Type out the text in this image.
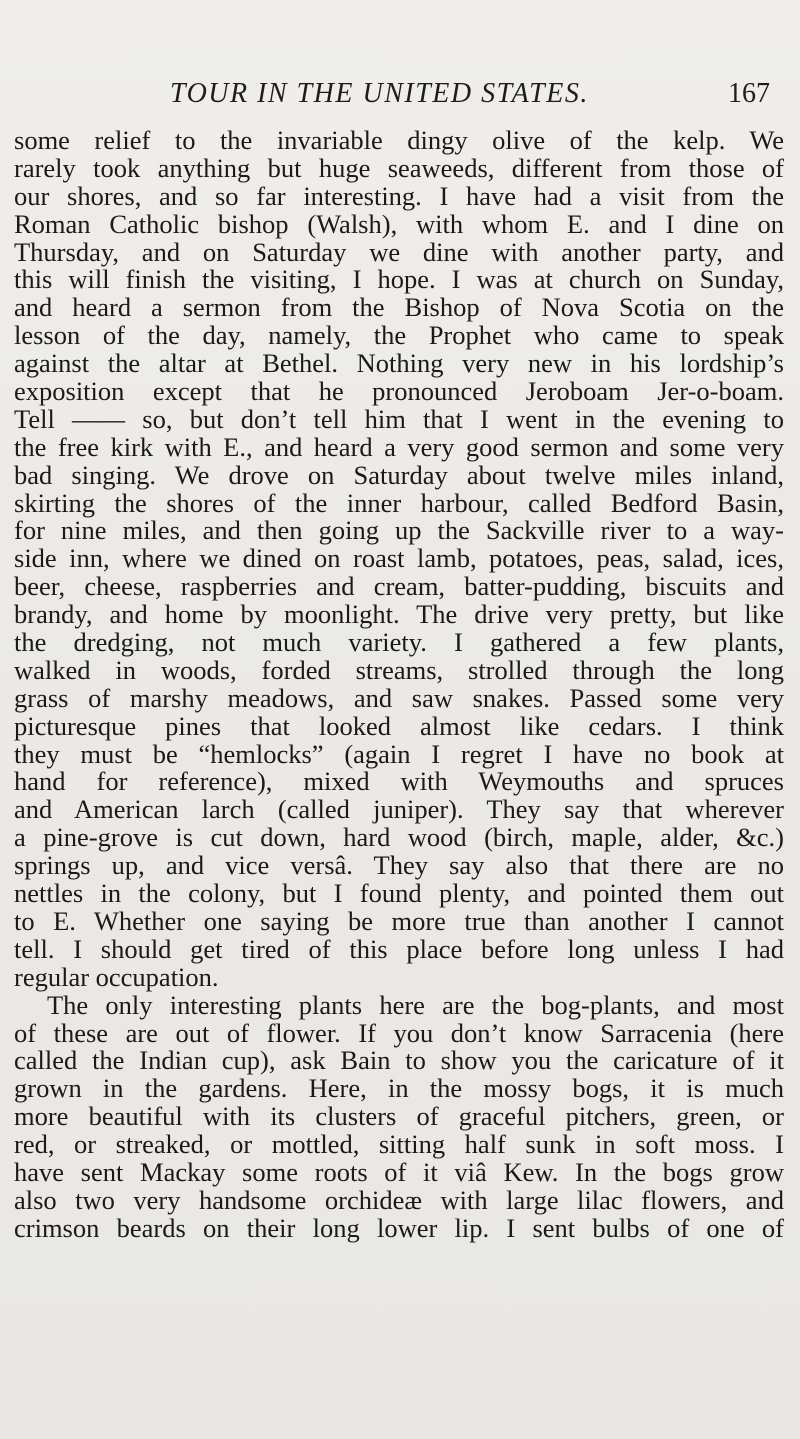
TOUR IN THE UNITED STATES.	167
some relief to the invariable dingy olive of the kelp. We
rarely took anything but huge seaweeds, different from those of
our shores, and so far interesting. I have had a visit from the
Roman Catholic bishop (Walsh), with whom E. and I dine on
Thursday, and on Saturday we dine with another party, and
this will finish the visiting, I hope. I was at church on Sunday,
and heard a sermon from the Bishop of Nova Scotia on the
lesson of the day, namely, the Prophet who came to speak
against the altar at Bethel. Nothing very new in his lordship’s
exposition except that he pronounced Jeroboam Jer-o-boam.
Tell —— so, but don’t tell him that I went in the evening to
the free kirk with E., and heard a very good sermon and some very
bad singing. We drove on Saturday about twelve miles inland,
skirting the shores of the inner harbour, called Bedford Basin,
for nine miles, and then going up the Sackville river to a way-
side inn, where we dined on roast lamb, potatoes, peas, salad, ices,
beer, cheese, raspberries and cream, batter-pudding, biscuits and
brandy, and home by moonlight. The drive very pretty, but like
the dredging, not much variety. I gathered a few plants,
walked in woods, forded streams, strolled through the long
grass of marshy meadows, and saw snakes. Passed some very
picturesque pines that looked almost like cedars. I think
they must be “hemlocks” (again I regret I have no book at
hand for reference), mixed with Weymouths and spruces
and American larch (called juniper). They say that wherever
a pine-grove is cut down, hard wood (birch, maple, alder, &c.)
springs up, and vice versâ. They say also that there are no
nettles in the colony, but I found plenty, and pointed them out
to E. Whether one saying be more true than another I cannot
tell. I should get tired of this place before long unless I had
regular occupation.
The only interesting plants here are the bog-plants, and most
of these are out of flower. If you don’t know Sarracenia (here
called the Indian cup), ask Bain to show you the caricature of it
grown in the gardens. Here, in the mossy bogs, it is much
more beautiful with its clusters of graceful pitchers, green, or
red, or streaked, or mottled, sitting half sunk in soft moss. I
have sent Mackay some roots of it viâ Kew. In the bogs grow
also two very handsome orchideæ with large lilac flowers, and
crimson beards on their long lower lip. I sent bulbs of one of
